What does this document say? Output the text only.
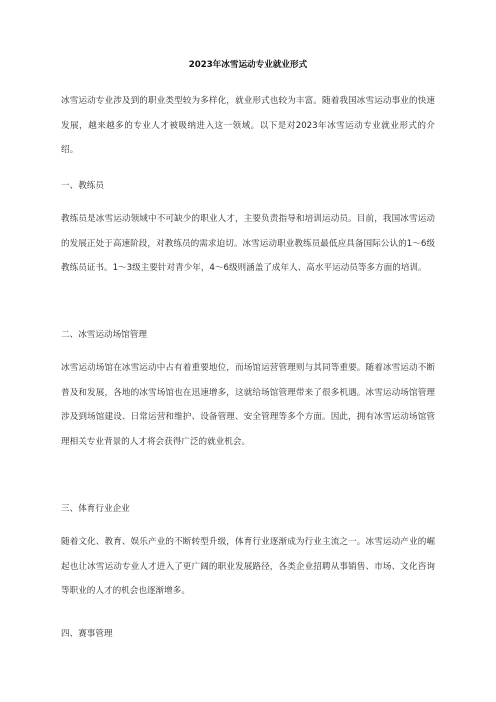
2023年冰雪运动专业就业形式

冰雪运动专业涉及到的职业类型较为多样化，就业形式也较为丰富。随着我国冰雪运动事业的快速发展，越来越多的专业人才被吸纳进入这一领域。以下是对2023年冰雪运动专业就业形式的介绍。

一、教练员

教练员是冰雪运动领域中不可缺少的职业人才，主要负责指导和培训运动员。目前，我国冰雪运动的发展正处于高速阶段，对教练员的需求迫切。冰雪运动职业教练员最低应具备国际公认的1～6级教练员证书。1～3级主要针对青少年，4～6级则涵盖了成年人、高水平运动员等多方面的培训。

二、冰雪运动场馆管理

冰雪运动场馆在冰雪运动中占有着重要地位，而场馆运营管理则与其同等重要。随着冰雪运动不断普及和发展，各地的冰雪场馆也在迅速增多，这就给场馆管理带来了很多机遇。冰雪运动场馆管理涉及到场馆建设、日常运营和维护、设备管理、安全管理等多个方面。因此，拥有冰雪运动场馆管理相关专业背景的人才将会获得广泛的就业机会。

三、体育行业企业

随着文化、教育、娱乐产业的不断转型升级，体育行业逐渐成为行业主流之一。冰雪运动产业的崛起也让冰雪运动专业人才进入了更广阔的职业发展路径，各类企业招聘从事销售、市场、文化咨询等职业的人才的机会也逐渐增多。

四、赛事管理
